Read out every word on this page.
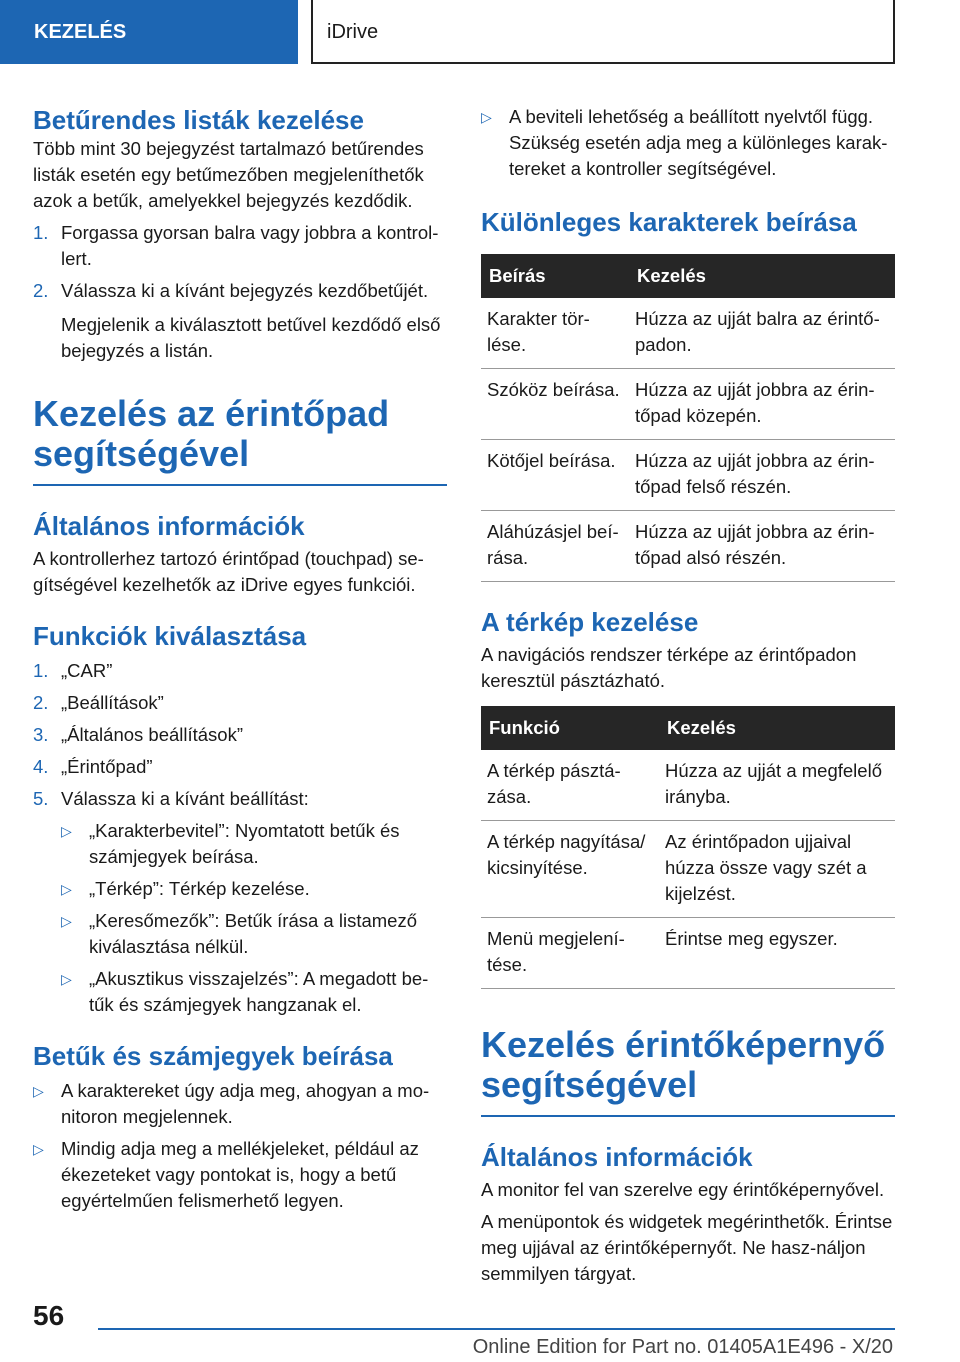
KEZELÉS	iDrive
Betűrendes listák kezelése

Több mint 30 bejegyzést tartalmazó betűrendes listák esetén egy betűmezőben megjeleníthetők azok a betűk, amelyekkel bejegyzés kezdődik.

1. Forgassa gyorsan balra vagy jobbra a kontrol-lert.
2. Válassza ki a kívánt bejegyzés kezdőbetűjét.

Megjelenik a kiválasztott betűvel kezdődő első bejegyzés a listán.

Kezelés az érintőpad
segítségével
Általános információk

A kontrollerhez tartozó érintőpad (touchpad) se-gítségével kezelhetők az iDrive egyes funkciói.

Funkciók kiválasztása
1. „CAR”
2. „Beállítások”
3. „Általános beállítások”
4. „Érintőpad”
5. Válassza ki a kívánt beállítást:
▷ „Karakterbevitel”: Nyomtatott betűk és számjegyek beírása.
▷ „Térkép”: Térkép kezelése.
▷ „Keresőmezők”: Betűk írása a listamező kiválasztása nélkül.
▷ „Akusztikus visszajelzés”: A megadott be-tűk és számjegyek hangzanak el.
Betűk és számjegyek beírása
▷ A karaktereket úgy adja meg, ahogyan a mo-nitoron megjelennek.
▷ Mindig adja meg a mellékjeleket, például az ékezeteket vagy pontokat is, hogy a betű egyértelműen felismerhető legyen.
▷ A beviteli lehetőség a beállított nyelvtől függ. Szükség esetén adja meg a különleges karak-tereket a kontroller segítségével.
Különleges karakterek beírása
Beírás	Kezelés
Karakter tör-lése.	Húzza az ujját balra az érintő-padon.
Szóköz beírása.	Húzza az ujját jobbra az érin-tőpad közepén.
Kötőjel beírása.	Húzza az ujját jobbra az érin-tőpad felső részén.
Aláhúzásjel beí-rása.	Húzza az ujját jobbra az érin-tőpad alsó részén.
A térkép kezelése

A navigációs rendszer térképe az érintőpadon keresztül pásztázható.

Funkció	Kezelés
A térkép pásztá-zása.	Húzza az ujját a megfelelő irányba.
A térkép nagyítása/ kicsinyítése.	Az érintőpadon ujjaival húzza össze vagy szét a kijelzést.
Menü megjelení-tése.	Érintse meg egyszer.
Kezelés érintőképernyő
segítségével
Általános információk

A monitor fel van szerelve egy érintőképernyővel.

A menüpontok és widgetek megérinthetők. Érintse meg ujjával az érintőképernyőt. Ne hasz-náljon semmilyen tárgyat.

56
Online Edition for Part no. 01405A1E496 - X/20
